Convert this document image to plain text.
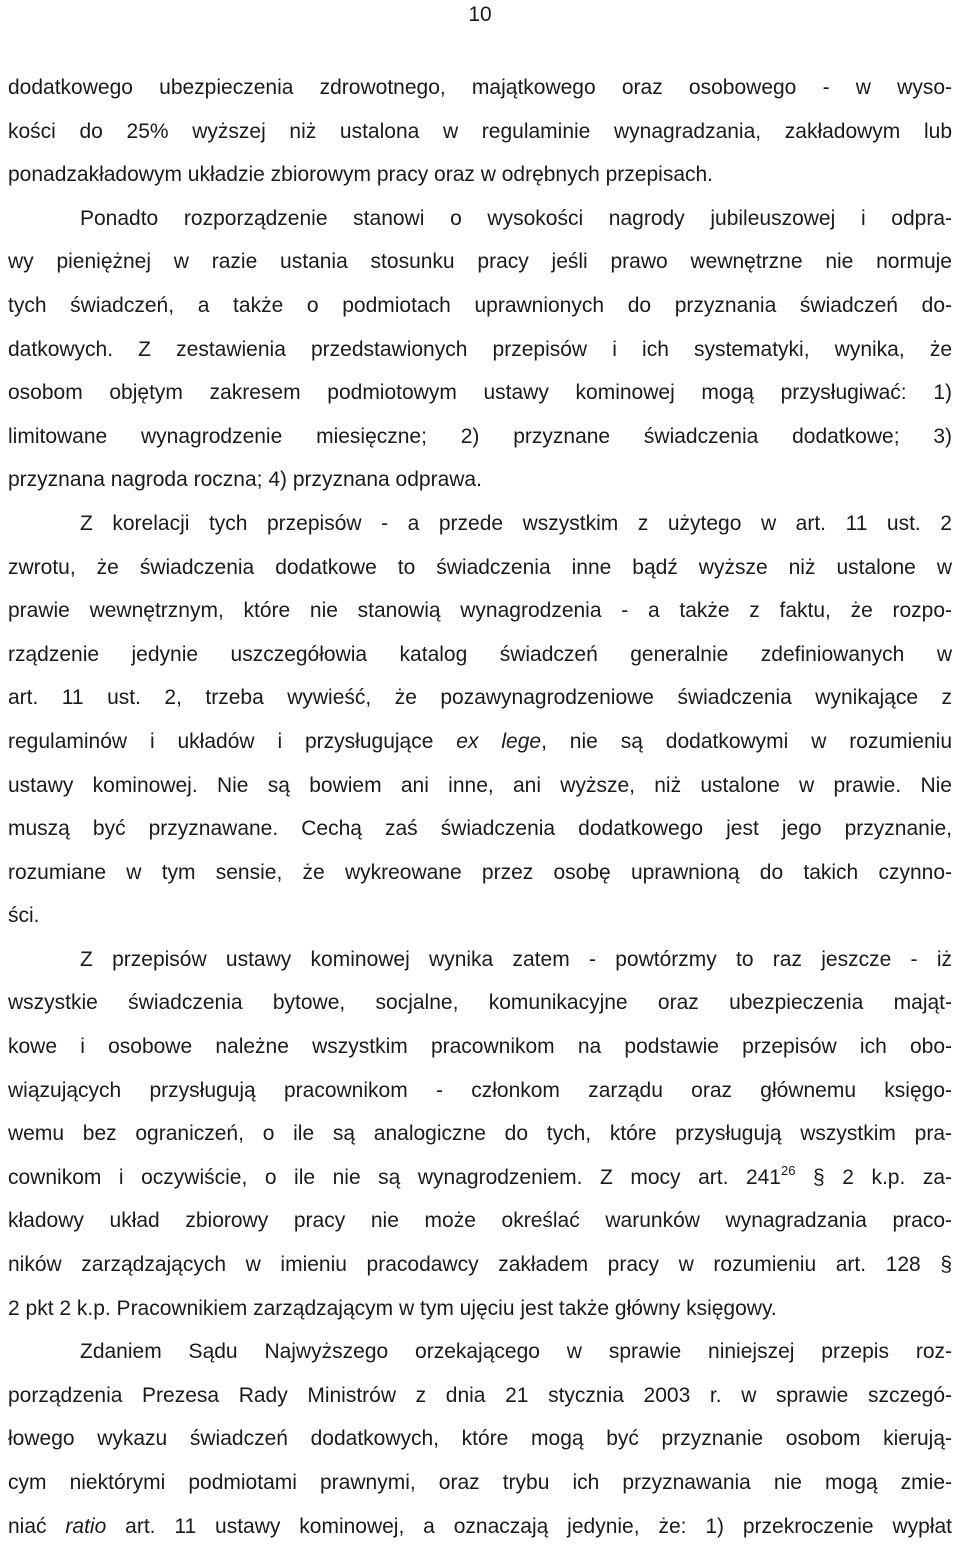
10
dodatkowego ubezpieczenia zdrowotnego, majątkowego oraz osobowego - w wyso-
kości do 25% wyższej niż ustalona w regulaminie wynagradzania, zakładowym lub
ponadzakładowym układzie zbiorowym pracy oraz w odrębnych przepisach.
Ponadto rozporządzenie stanowi o wysokości nagrody jubileuszowej i odpra-
wy pieniężnej w razie ustania stosunku pracy jeśli prawo wewnętrzne nie normuje
tych świadczeń, a także o podmiotach uprawnionych do przyznania świadczeń do-
datkowych. Z zestawienia przedstawionych przepisów i ich systematyki, wynika, że
osobom objętym zakresem podmiotowym ustawy kominowej mogą przysługiwać: 1)
limitowane wynagrodzenie miesięczne; 2) przyznane świadczenia dodatkowe; 3)
przyznana nagroda roczna; 4) przyznana odprawa.
Z korelacji tych przepisów - a przede wszystkim z użytego w art. 11 ust. 2
zwrotu, że świadczenia dodatkowe to świadczenia inne bądź wyższe niż ustalone w
prawie wewnętrznym, które nie stanowią wynagrodzenia - a także z faktu, że rozpo-
rządzenie jedynie uszczegółowia katalog świadczeń generalnie zdefiniowanych w
art. 11 ust. 2, trzeba wywieść, że pozawynagrodzeniowe świadczenia wynikające z
regulaminów i układów i przysługujące ex lege, nie są dodatkowymi w rozumieniu
ustawy kominowej. Nie są bowiem ani inne, ani wyższe, niż ustalone w prawie. Nie
muszą być przyznawane. Cechą zaś świadczenia dodatkowego jest jego przyznanie,
rozumiane w tym sensie, że wykreowane przez osobę uprawnioną do takich czynno-
ści.
Z przepisów ustawy kominowej wynika zatem - powtórzmy to raz jeszcze - iż
wszystkie świadczenia bytowe, socjalne, komunikacyjne oraz ubezpieczenia mająt-
kowe i osobowe należne wszystkim pracownikom na podstawie przepisów ich obo-
wiązujących przysługują pracownikom - członkom zarządu oraz głównemu księgo-
wemu bez ograniczeń, o ile są analogiczne do tych, które przysługują wszystkim pra-
cownikom i oczywiście, o ile nie są wynagrodzeniem. Z mocy art. $241^{26}$ § 2 k.p. za-
kładowy układ zbiorowy pracy nie może określać warunków wynagradzania praco-
ników zarządzających w imieniu pracodawcy zakładem pracy w rozumieniu art. 128 §
2 pkt 2 k.p. Pracownikiem zarządzającym w tym ujęciu jest także główny księgowy.
Zdaniem Sądu Najwyższego orzekającego w sprawie niniejszej przepis roz-
porządzenia Prezesa Rady Ministrów z dnia 21 stycznia 2003 r. w sprawie szczegó-
łowego wykazu świadczeń dodatkowych, które mogą być przyznanie osobom kierują-
cym niektórymi podmiotami prawnymi, oraz trybu ich przyznawania nie mogą zmie-
niać ratio art. 11 ustawy kominowej, a oznaczają jedynie, że: 1) przekroczenie wypłat
